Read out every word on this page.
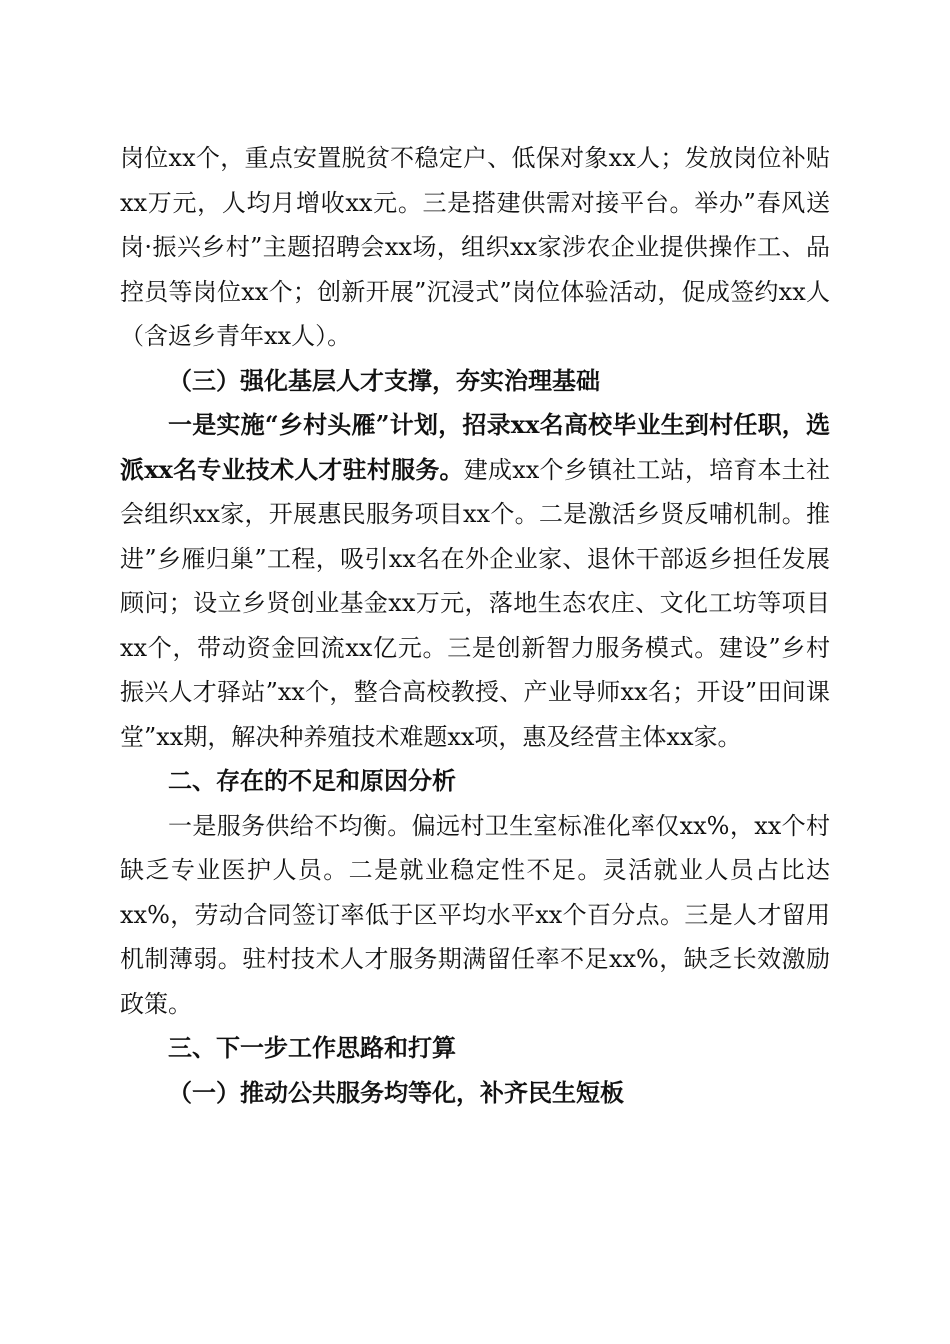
岗位xx个，重点安置脱贫不稳定户、低保对象xx人；发放岗位补贴xx万元，人均月增收xx元。三是搭建供需对接平台。举办”春风送岗·振兴乡村”主题招聘会xx场，组织xx家涉农企业提供操作工、品控员等岗位xx个；创新开展”沉浸式”岗位体验活动，促成签约xx人（含返乡青年xx人）。

（三）强化基层人才支撑，夯实治理基础

一是实施“乡村头雁”计划，招录xx名高校毕业生到村任职，选派xx名专业技术人才驻村服务。建成xx个乡镇社工站，培育本土社会组织xx家，开展惠民服务项目xx个。二是激活乡贤反哺机制。推进”乡雁归巢”工程，吸引xx名在外企业家、退休干部返乡担任发展顾问；设立乡贤创业基金xx万元，落地生态农庄、文化工坊等项目xx个，带动资金回流xx亿元。三是创新智力服务模式。建设”乡村振兴人才驿站”xx个，整合高校教授、产业导师xx名；开设”田间课堂”xx期，解决种养殖技术难题xx项，惠及经营主体xx家。

二、存在的不足和原因分析

一是服务供给不均衡。偏远村卫生室标准化率仅xx%，xx个村缺乏专业医护人员。二是就业稳定性不足。灵活就业人员占比达xx%，劳动合同签订率低于区平均水平xx个百分点。三是人才留用机制薄弱。驻村技术人才服务期满留任率不足xx%，缺乏长效激励政策。

三、下一步工作思路和打算

（一）推动公共服务均等化，补齐民生短板
